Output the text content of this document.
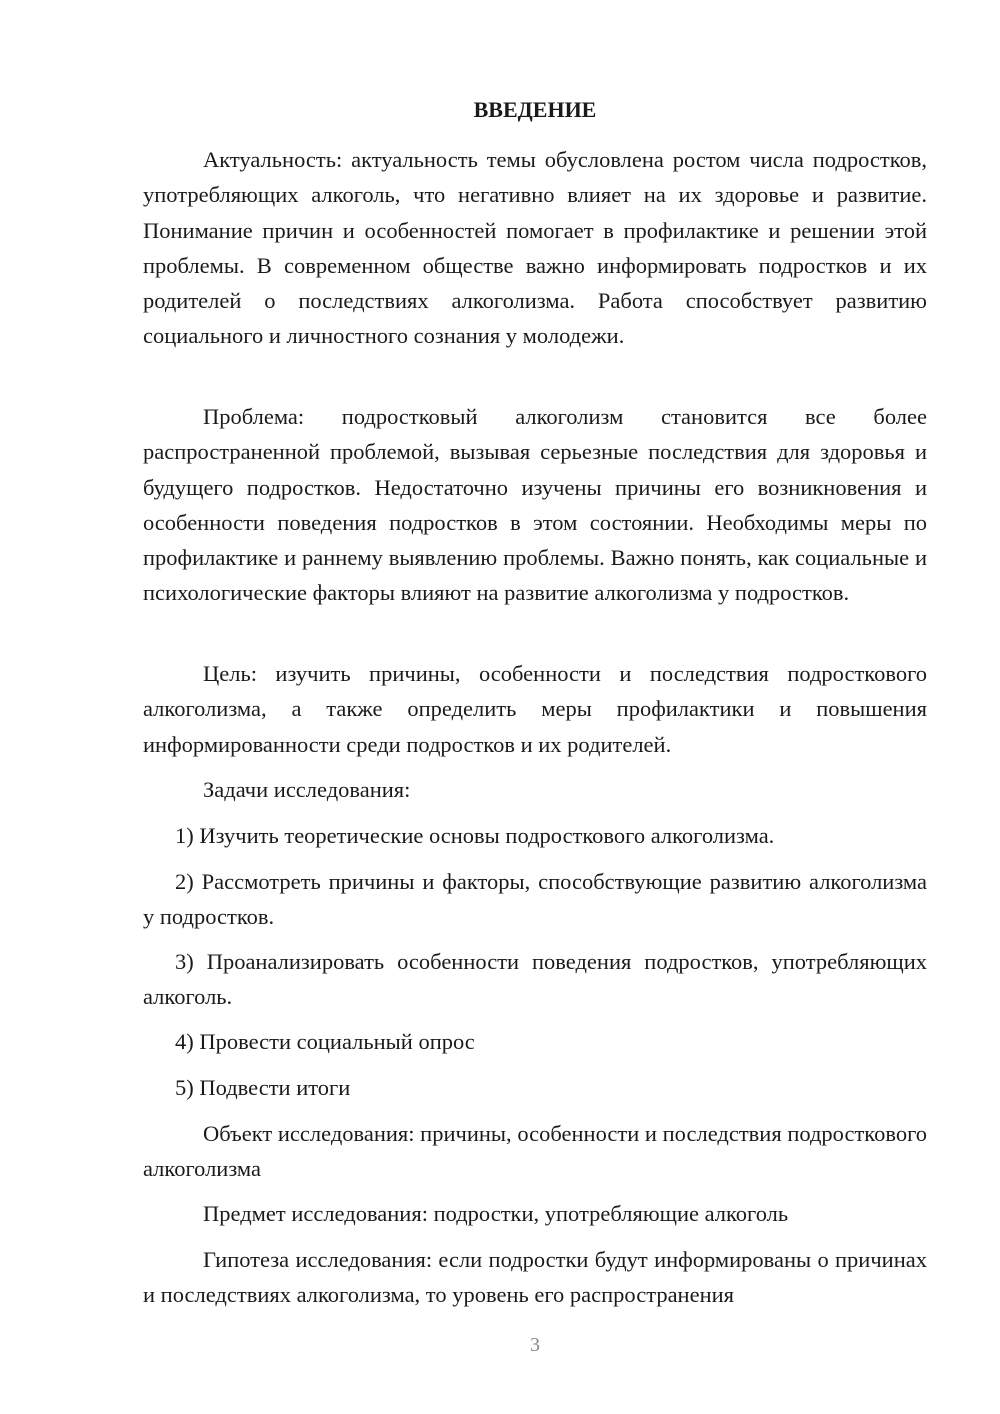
ВВЕДЕНИЕ

Актуальность: актуальность темы обусловлена ростом числа подростков, употребляющих алкоголь, что негативно влияет на их здоровье и развитие. Понимание причин и особенностей помогает в профилактике и решении этой проблемы. В современном обществе важно информировать подростков и их родителей о последствиях алкоголизма. Работа способствует развитию социального и личностного сознания у молодежи.

Проблема: подростковый алкоголизм становится все более распространенной проблемой, вызывая серьезные последствия для здоровья и будущего подростков. Недостаточно изучены причины его возникновения и особенности поведения подростков в этом состоянии. Необходимы меры по профилактике и раннему выявлению проблемы. Важно понять, как социальные и психологические факторы влияют на развитие алкоголизма у подростков.

Цель: изучить причины, особенности и последствия подросткового алкоголизма, а также определить меры профилактики и повышения информированности среди подростков и их родителей.

Задачи исследования:

1) Изучить теоретические основы подросткового алкоголизма.

2) Рассмотреть причины и факторы, способствующие развитию алкоголизма у подростков.

3) Проанализировать особенности поведения подростков, употребляющих алкоголь.

4) Провести социальный опрос

5) Подвести итоги

Объект исследования: причины, особенности и последствия подросткового алкоголизма

Предмет исследования: подростки, употребляющие алкоголь

Гипотеза исследования: если подростки будут информированы о причинах и последствиях алкоголизма, то уровень его распространения

3
